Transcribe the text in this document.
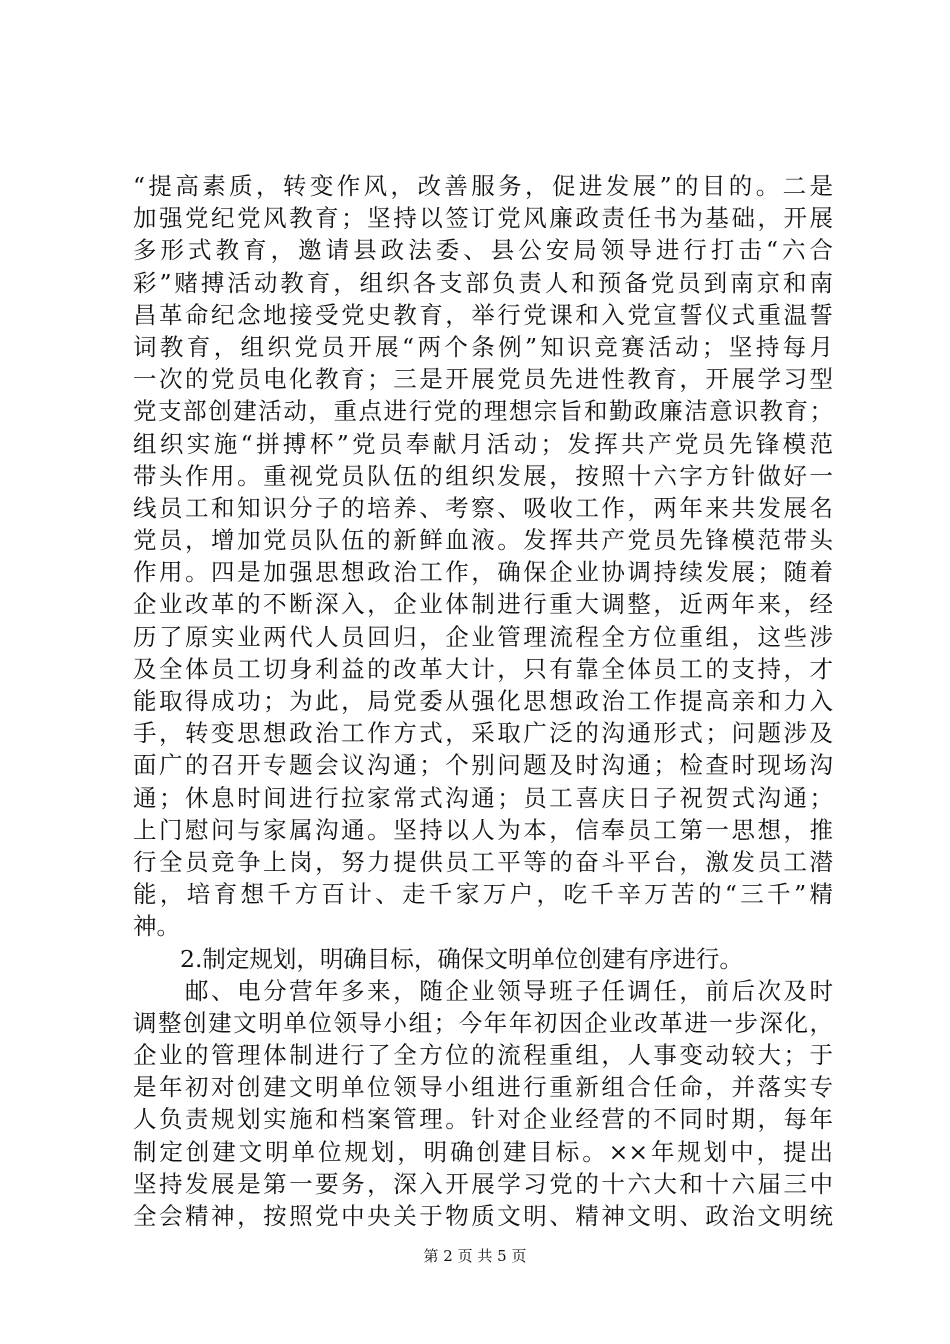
“提高素质，转变作风，改善服务，促进发展”的目的。二是
加强党纪党风教育；坚持以签订党风廉政责任书为基础，开展
多形式教育，邀请县政法委、县公安局领导进行打击“六合
彩”赌搏活动教育，组织各支部负责人和预备党员到南京和南
昌革命纪念地接受党史教育，举行党课和入党宣誓仪式重温誓
词教育，组织党员开展“两个条例”知识竞赛活动；坚持每月
一次的党员电化教育；三是开展党员先进性教育，开展学习型
党支部创建活动，重点进行党的理想宗旨和勤政廉洁意识教育；
组织实施“拼搏杯”党员奉献月活动；发挥共产党员先锋模范
带头作用。重视党员队伍的组织发展，按照十六字方针做好一
线员工和知识分子的培养、考察、吸收工作，两年来共发展名
党员，增加党员队伍的新鲜血液。发挥共产党员先锋模范带头
作用。四是加强思想政治工作，确保企业协调持续发展；随着
企业改革的不断深入，企业体制进行重大调整，近两年来，经
历了原实业两代人员回归，企业管理流程全方位重组，这些涉
及全体员工切身利益的改革大计，只有靠全体员工的支持，才
能取得成功；为此，局党委从强化思想政治工作提高亲和力入
手，转变思想政治工作方式，采取广泛的沟通形式；问题涉及
面广的召开专题会议沟通；个别问题及时沟通；检查时现场沟
通；休息时间进行拉家常式沟通；员工喜庆日子祝贺式沟通；
上门慰问与家属沟通。坚持以人为本，信奉员工第一思想，推
行全员竞争上岗，努力提供员工平等的奋斗平台，激发员工潜
能，培育想千方百计、走千家万户，吃千辛万苦的“三千”精
神。
　　2.制定规划，明确目标，确保文明单位创建有序进行。
　　邮、电分营年多来，随企业领导班子任调任，前后次及时
调整创建文明单位领导小组；今年年初因企业改革进一步深化，
企业的管理体制进行了全方位的流程重组，人事变动较大；于
是年初对创建文明单位领导小组进行重新组合任命，并落实专
人负责规划实施和档案管理。针对企业经营的不同时期，每年
制定创建文明单位规划，明确创建目标。××年规划中，提出
坚持发展是第一要务，深入开展学习党的十六大和十六届三中
全会精神，按照党中央关于物质文明、精神文明、政治文明统
第 2 页 共 5 页
